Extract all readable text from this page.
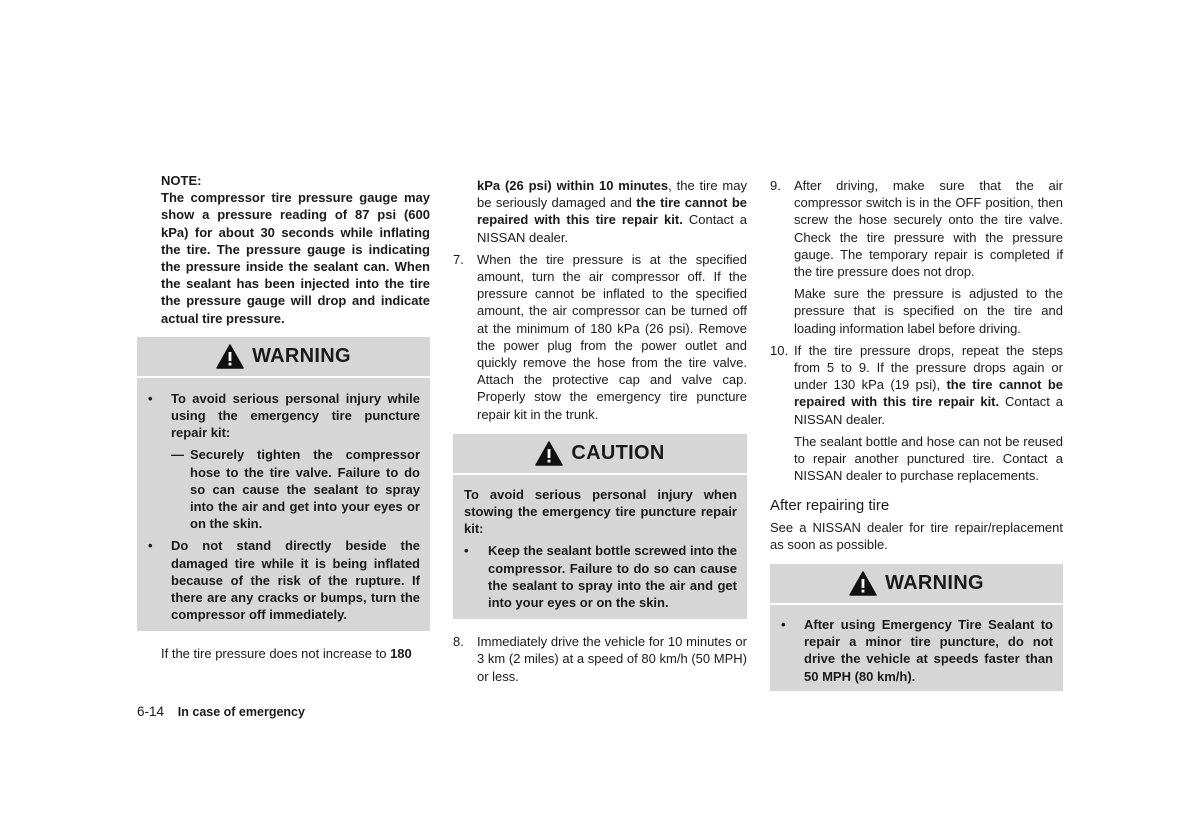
NOTE:

The compressor tire pressure gauge may show a pressure reading of 87 psi (600 kPa) for about 30 seconds while inflating the tire. The pressure gauge is indicating the pressure inside the sealant can. When the sealant has been injected into the tire the pressure gauge will drop and indicate actual tire pressure.

WARNING
• To avoid serious personal injury while using the emergency tire puncture repair kit:
— Securely tighten the compressor hose to the tire valve. Failure to do so can cause the sealant to spray into the air and get into your eyes or on the skin.
• Do not stand directly beside the damaged tire while it is being inflated because of the risk of the rupture. If there are any cracks or bumps, turn the compressor off immediately.

If the tire pressure does not increase to 180

kPa (26 psi) within 10 minutes, the tire may be seriously damaged and the tire cannot be repaired with this tire repair kit. Contact a NISSAN dealer.

7. When the tire pressure is at the specified amount, turn the air compressor off. If the pressure cannot be inflated to the specified amount, the air compressor can be turned off at the minimum of 180 kPa (26 psi). Remove the power plug from the power outlet and quickly remove the hose from the tire valve. Attach the protective cap and valve cap. Properly stow the emergency tire puncture repair kit in the trunk.
CAUTION

To avoid serious personal injury when stowing the emergency tire puncture repair kit:

• Keep the sealant bottle screwed into the compressor. Failure to do so can cause the sealant to spray into the air and get into your eyes or on the skin.
8. Immediately drive the vehicle for 10 minutes or 3 km (2 miles) at a speed of 80 km/h (50 MPH) or less.
9. After driving, make sure that the air compressor switch is in the OFF position, then screw the hose securely onto the tire valve. Check the tire pressure with the pressure gauge. The temporary repair is completed if the tire pressure does not drop.

Make sure the pressure is adjusted to the pressure that is specified on the tire and loading information label before driving.

10. If the tire pressure drops, repeat the steps from 5 to 9. If the pressure drops again or under 130 kPa (19 psi), the tire cannot be repaired with this tire repair kit. Contact a NISSAN dealer.

The sealant bottle and hose can not be reused to repair another punctured tire. Contact a NISSAN dealer to purchase replacements.

After repairing tire

See a NISSAN dealer for tire repair/replacement as soon as possible.

WARNING
• After using Emergency Tire Sealant to repair a minor tire puncture, do not drive the vehicle at speeds faster than 50 MPH (80 km/h).
6-14 In case of emergency
